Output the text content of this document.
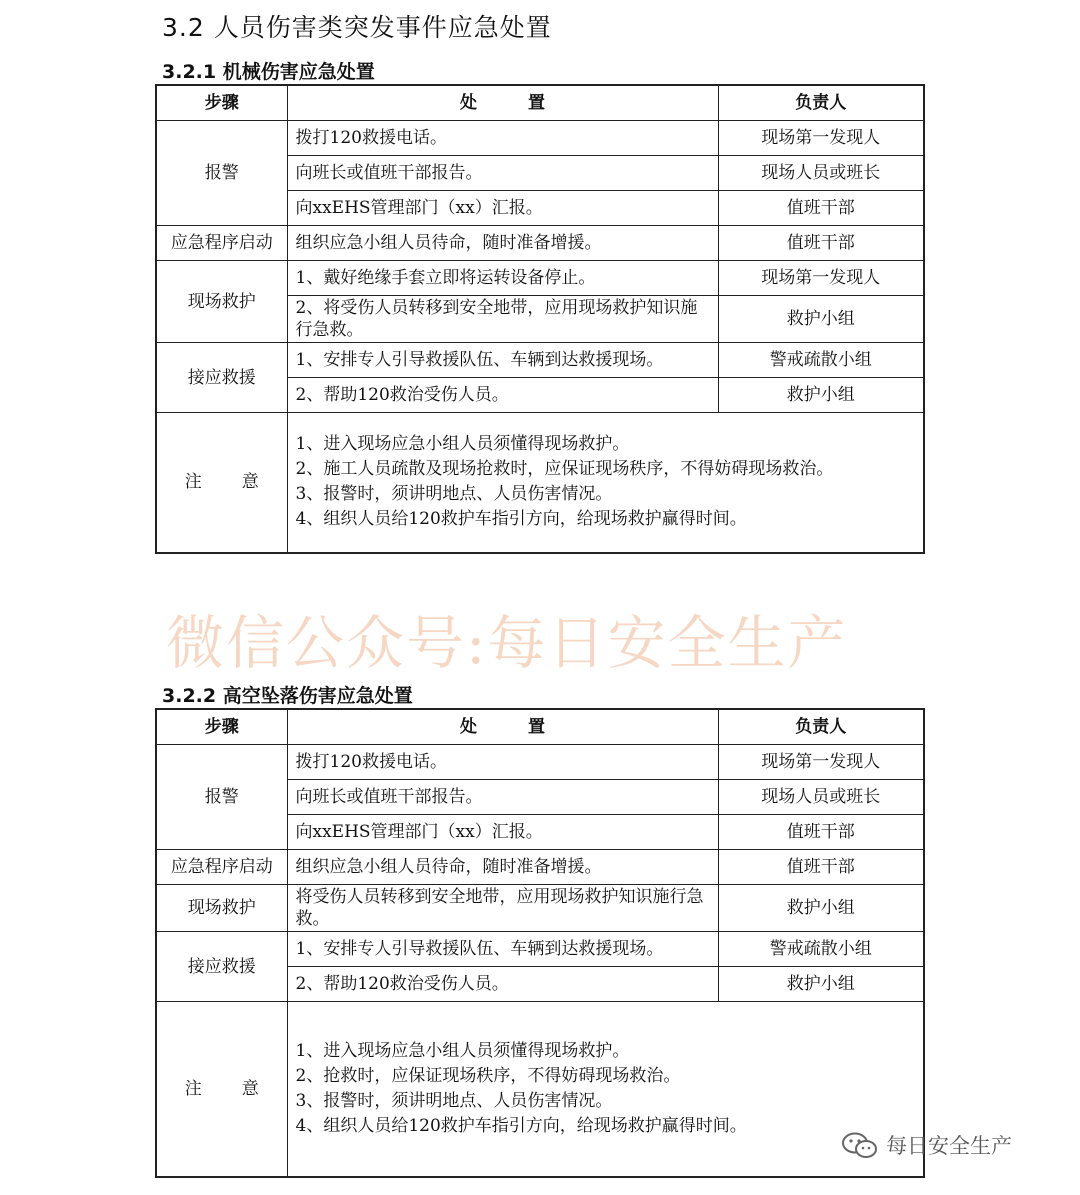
3.2 人员伤害类突发事件应急处置
3.2.1 机械伤害应急处置
步骤	处　　　置	负责人
报警	拨打120救援电话。	现场第一发现人
	向班长或值班干部报告。	现场人员或班长
	向xxEHS管理部门（xx）汇报。	值班干部
应急程序启动	组织应急小组人员待命，随时准备增援。	值班干部
现场救护	1、戴好绝缘手套立即将运转设备停止。	现场第一发现人
	2、将受伤人员转移到安全地带，应用现场救护知识施行急救。	救护小组
接应救援	1、安排专人引导救援队伍、车辆到达救援现场。	警戒疏散小组
	2、帮助120救治受伤人员。	救护小组
注 意	1、进入现场应急小组人员须懂得现场救护。
2、施工人员疏散及现场抢救时，应保证现场秩序，不得妨碍现场救治。
3、报警时，须讲明地点、人员伤害情况。
4、组织人员给120救护车指引方向，给现场救护赢得时间。	
微信公众号:每日安全生产
3.2.2 高空坠落伤害应急处置
步骤	处　　　置	负责人
报警	拨打120救援电话。	现场第一发现人
	向班长或值班干部报告。	现场人员或班长
	向xxEHS管理部门（xx）汇报。	值班干部
应急程序启动	组织应急小组人员待命，随时准备增援。	值班干部
现场救护	将受伤人员转移到安全地带，应用现场救护知识施行急救。	救护小组
接应救援	1、安排专人引导救援队伍、车辆到达救援现场。	警戒疏散小组
	2、帮助120救治受伤人员。	救护小组
注 意	1、进入现场应急小组人员须懂得现场救护。
2、抢救时，应保证现场秩序，不得妨碍现场救治。
3、报警时，须讲明地点、人员伤害情况。
4、组织人员给120救护车指引方向，给现场救护赢得时间。	
每日安全生产
